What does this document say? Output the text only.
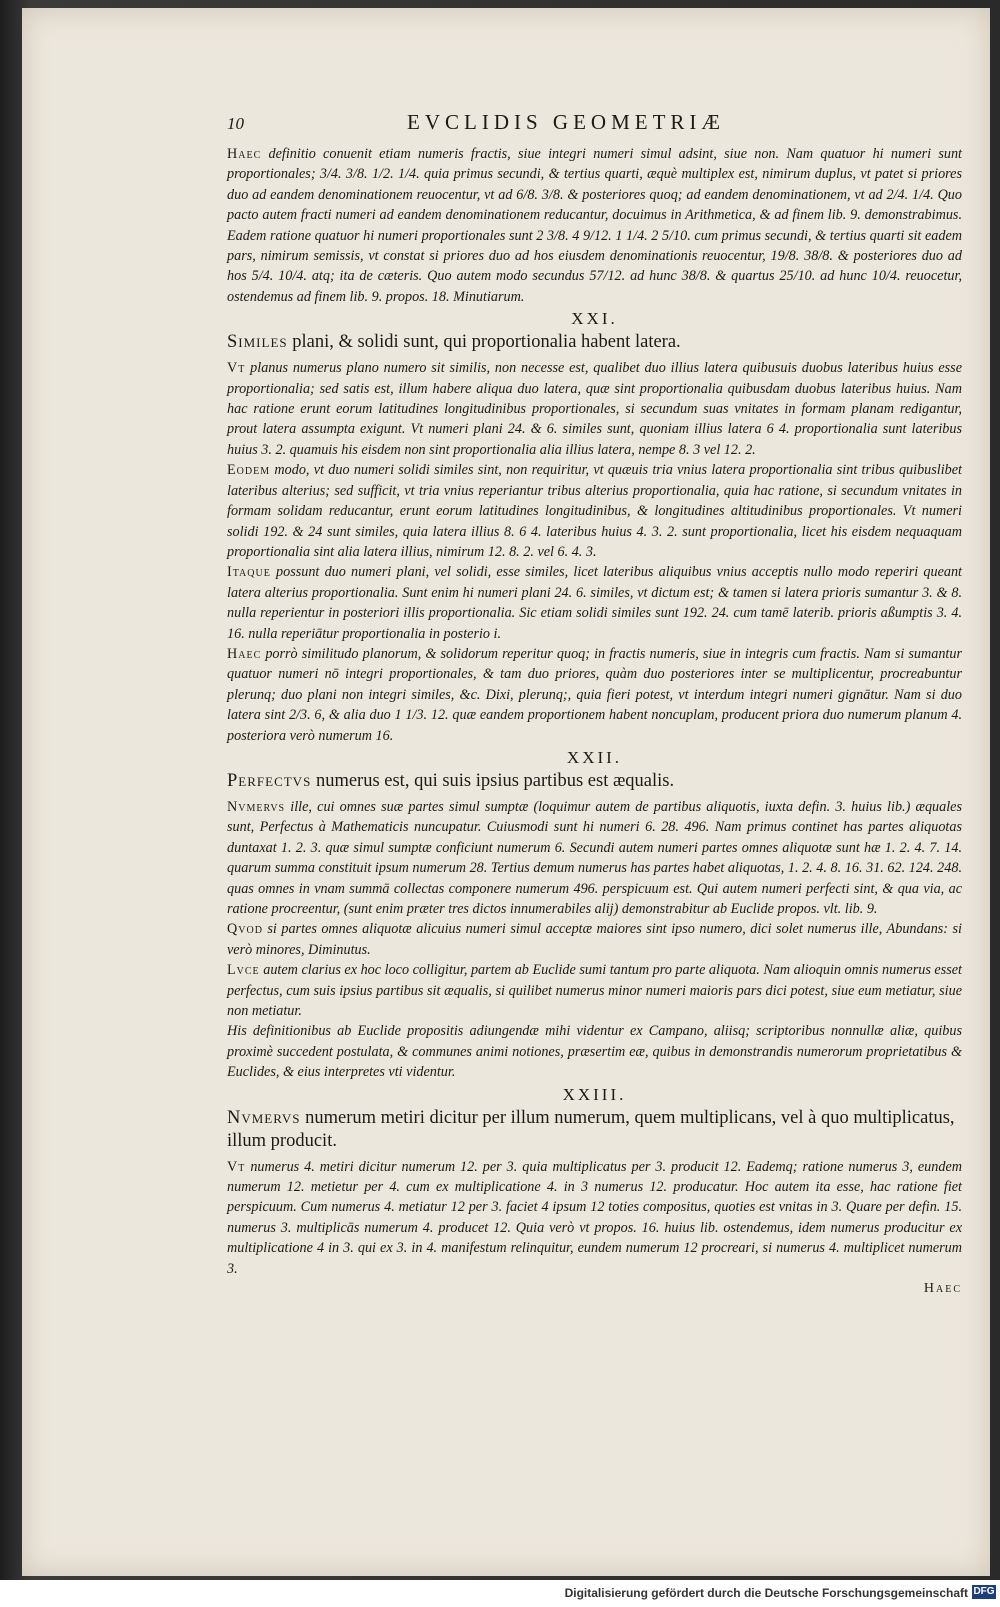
10	EVCLIDIS GEOMETRIÆ

Haec definitio conuenit etiam numeris fractis, siue integri numeri simul adsint, siue non. Nam quatuor hi numeri sunt proportionales; 3/4. 3/8. 1/2. 1/4. quia primus secundi, & tertius quarti, æquè multiplex est, nimirum duplus, vt patet si priores duo ad eandem denominationem reuocentur, vt ad 6/8. 3/8. & posteriores quoq; ad eandem denominationem, vt ad 2/4. 1/4. Quo pacto autem fracti numeri ad eandem denominationem reducantur, docuimus in Arithmetica, & ad finem lib. 9. demonstrabimus. Eadem ratione quatuor hi numeri proportionales sunt 2 3/8. 4 9/12. 1 1/4. 2 5/10. cum primus secundi, & tertius quarti sit eadem pars, nimirum semissis, vt constat si priores duo ad hos eiusdem denominationis reuocentur, 19/8. 38/8. & posteriores duo ad hos 5/4. 10/4. atq; ita de cæteris. Quo autem modo secundus 57/12. ad hunc 38/8. & quartus 25/10. ad hunc 10/4. reuocetur, ostendemus ad finem lib. 9. propos. 18. Minutiarum.

XXI.

Similes plani, & solidi sunt, qui proportionalia habent latera.

Vt planus numerus plano numero sit similis, non necesse est, qualibet duo illius latera quibusuis duobus lateribus huius esse proportionalia; sed satis est, illum habere aliqua duo latera, quæ sint proportionalia quibusdam duobus lateribus huius. Nam hac ratione erunt eorum latitudines longitudinibus proportionales, si secundum suas vnitates in formam planam redigantur, prout latera assumpta exigunt. Vt numeri plani 24. & 6. similes sunt, quoniam illius latera 6 4. proportionalia sunt lateribus huius 3. 2. quamuis his eisdem non sint proportionalia alia illius latera, nempe 8. 3 vel 12. 2.

Eodem modo, vt duo numeri solidi similes sint, non requiritur, vt quæuis tria vnius latera proportionalia sint tribus quibuslibet lateribus alterius; sed sufficit, vt tria vnius reperiantur tribus alterius proportionalia, quia hac ratione, si secundum vnitates in formam solidam reducantur, erunt eorum latitudines longitudinibus, & longitudines altitudinibus proportionales. Vt numeri solidi 192. & 24 sunt similes, quia latera illius 8. 6 4. lateribus huius 4. 3. 2. sunt proportionalia, licet his eisdem nequaquam proportionalia sint alia latera illius, nimirum 12. 8. 2. vel 6. 4. 3.

Itaque possunt duo numeri plani, vel solidi, esse similes, licet lateribus aliquibus vnius acceptis nullo modo reperiri queant latera alterius proportionalia. Sunt enim hi numeri plani 24. 6. similes, vt dictum est; & tamen si latera prioris sumantur 3. & 8. nulla reperientur in posteriori illis proportionalia. Sic etiam solidi similes sunt 192. 24. cum tamē laterib. prioris aßumptis 3. 4. 16. nulla reperiātur proportionalia in posterio i.

Haec porrò similitudo planorum, & solidorum reperitur quoq; in fractis numeris, siue in integris cum fractis. Nam si sumantur quatuor numeri nō integri proportionales, & tam duo priores, quàm duo posteriores inter se multiplicentur, procreabuntur plerunq; duo plani non integri similes, &c. Dixi, plerunq;, quia fieri potest, vt interdum integri numeri gignātur. Nam si duo latera sint 2/3. 6, & alia duo 1 1/3. 12. quæ eandem proportionem habent noncuplam, producent priora duo numerum planum 4. posteriora verò numerum 16.

XXII.

Perfectvs numerus est, qui suis ipsius partibus est æqualis.

Nvmervs ille, cui omnes suæ partes simul sumptæ (loquimur autem de partibus aliquotis, iuxta defin. 3. huius lib.) æquales sunt, Perfectus à Mathematicis nuncupatur. Cuiusmodi sunt hi numeri 6. 28. 496. Nam primus continet has partes aliquotas duntaxat 1. 2. 3. quæ simul sumptæ conficiunt numerum 6. Secundi autem numeri partes omnes aliquotæ sunt hæ 1. 2. 4. 7. 14. quarum summa constituit ipsum numerum 28. Tertius demum numerus has partes habet aliquotas, 1. 2. 4. 8. 16. 31. 62. 124. 248. quas omnes in vnam summā collectas componere numerum 496. perspicuum est. Qui autem numeri perfecti sint, & qua via, ac ratione procreentur, (sunt enim præter tres dictos innumerabiles alij) demonstrabitur ab Euclide propos. vlt. lib. 9.

Qvod si partes omnes aliquotæ alicuius numeri simul acceptæ maiores sint ipso numero, dici solet numerus ille, Abundans: si verò minores, Diminutus.

Lvce autem clarius ex hoc loco colligitur, partem ab Euclide sumi tantum pro parte aliquota. Nam alioquin omnis numerus esset perfectus, cum suis ipsius partibus sit æqualis, si quilibet numerus minor numeri maioris pars dici potest, siue eum metiatur, siue non metiatur.

His definitionibus ab Euclide propositis adiungendæ mihi videntur ex Campano, aliisq; scriptoribus nonnullæ aliæ, quibus proximè succedent postulata, & communes animi notiones, præsertim eæ, quibus in demonstrandis numerorum proprietatibus & Euclides, & eius interpretes vti videntur.

XXIII.

Nvmervs numerum metiri dicitur per illum numerum, quem multiplicans, vel à quo multiplicatus, illum producit.

Vt numerus 4. metiri dicitur numerum 12. per 3. quia multiplicatus per 3. producit 12. Eademq; ratione numerus 3, eundem numerum 12. metietur per 4. cum ex multiplicatione 4. in 3 numerus 12. producatur. Hoc autem ita esse, hac ratione fiet perspicuum. Cum numerus 4. metiatur 12 per 3. faciet 4 ipsum 12 toties compositus, quoties est vnitas in 3. Quare per defin. 15. numerus 3. multiplicās numerum 4. producet 12. Quia verò vt propos. 16. huius lib. ostendemus, idem numerus producitur ex multiplicatione 4 in 3. qui ex 3. in 4. manifestum relinquitur, eundem numerum 12 procreari, si numerus 4. multiplicet numerum 3.

Haec
Digitalisierung gefördert durch die Deutsche Forschungsgemeinschaft DFG
